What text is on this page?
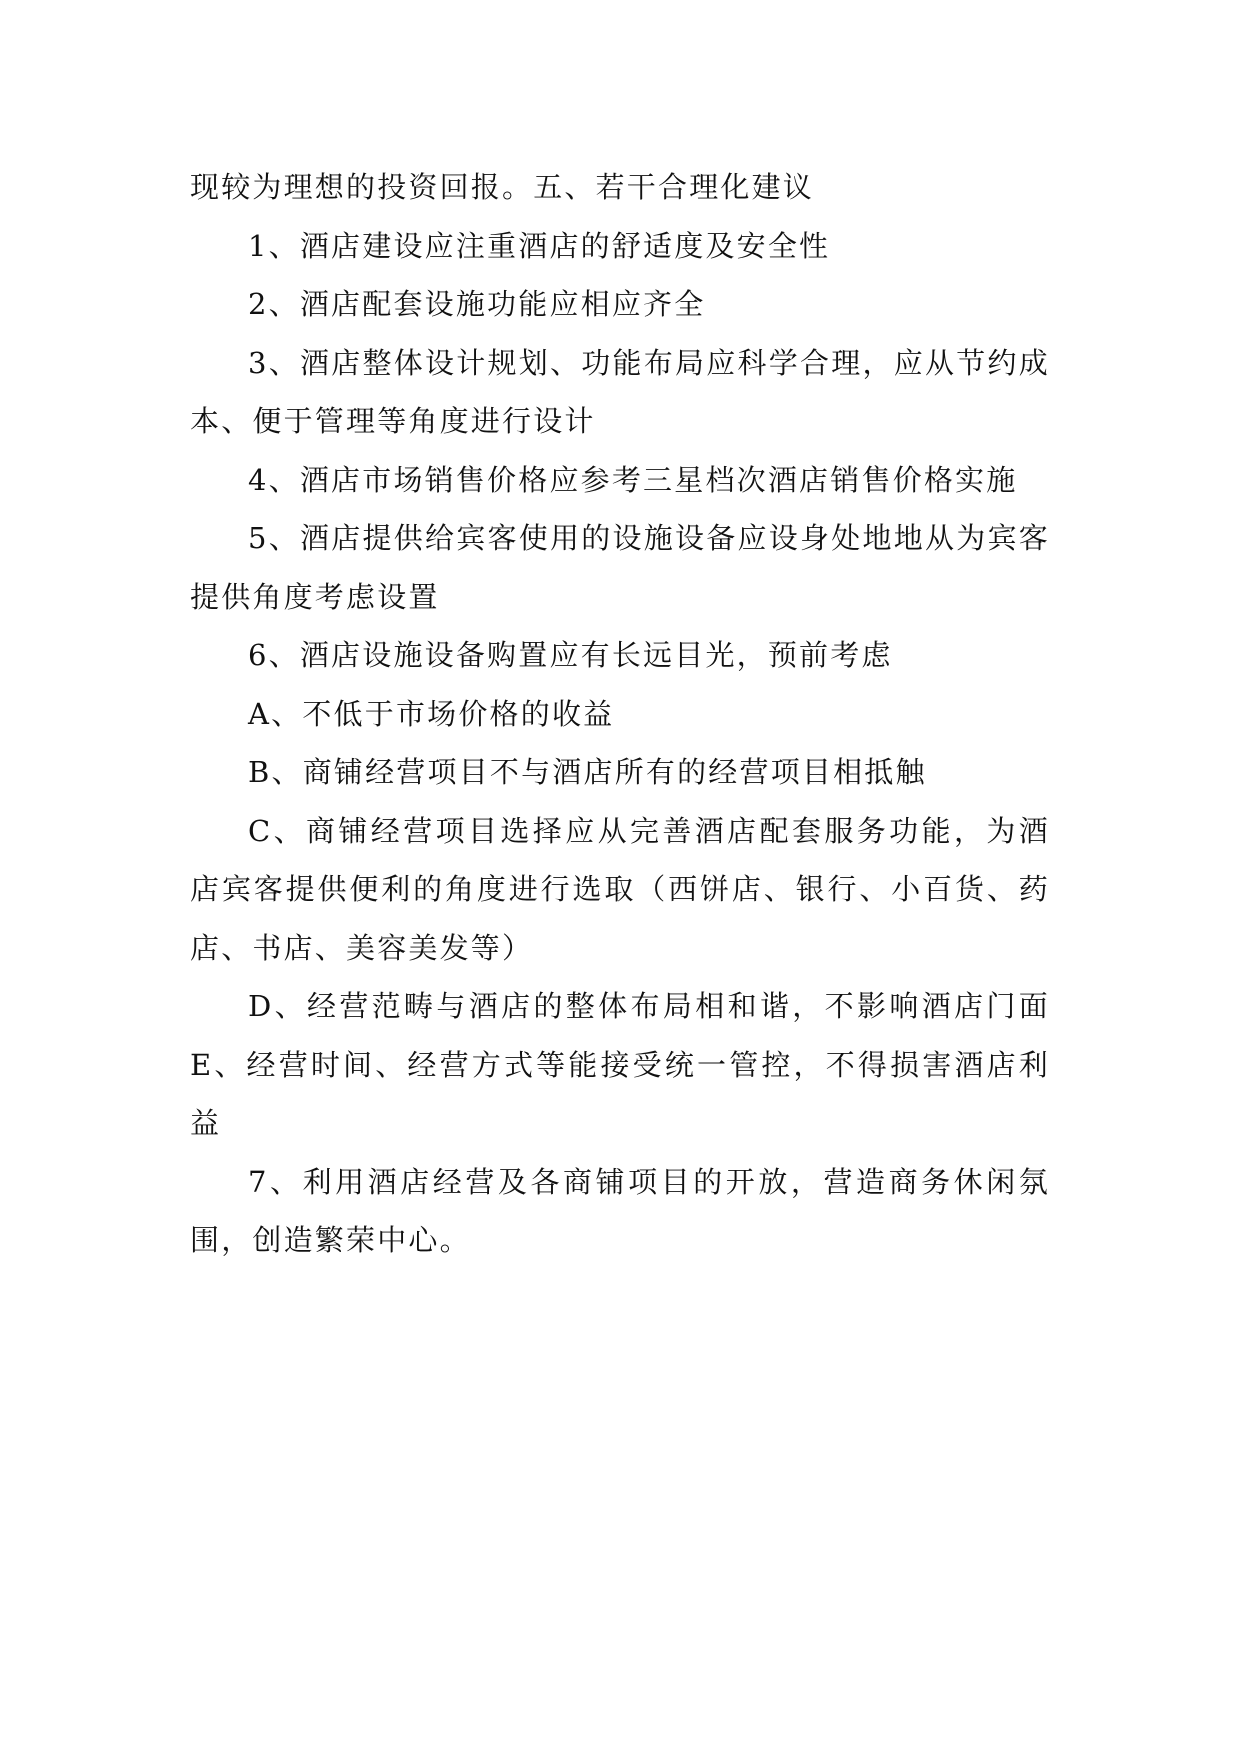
现较为理想的投资回报。五、若干合理化建议

1、酒店建设应注重酒店的舒适度及安全性

2、酒店配套设施功能应相应齐全

3、酒店整体设计规划、功能布局应科学合理，应从节约成本、便于管理等角度进行设计

4、酒店市场销售价格应参考三星档次酒店销售价格实施

5、酒店提供给宾客使用的设施设备应设身处地地从为宾客提供角度考虑设置

6、酒店设施设备购置应有长远目光，预前考虑

A、不低于市场价格的收益

B、商铺经营项目不与酒店所有的经营项目相抵触

C、商铺经营项目选择应从完善酒店配套服务功能，为酒店宾客提供便利的角度进行选取（西饼店、银行、小百货、药店、书店、美容美发等）

D、经营范畴与酒店的整体布局相和谐，不影响酒店门面 E、经营时间、经营方式等能接受统一管控，不得损害酒店利益

7、利用酒店经营及各商铺项目的开放，营造商务休闲氛围，创造繁荣中心。
